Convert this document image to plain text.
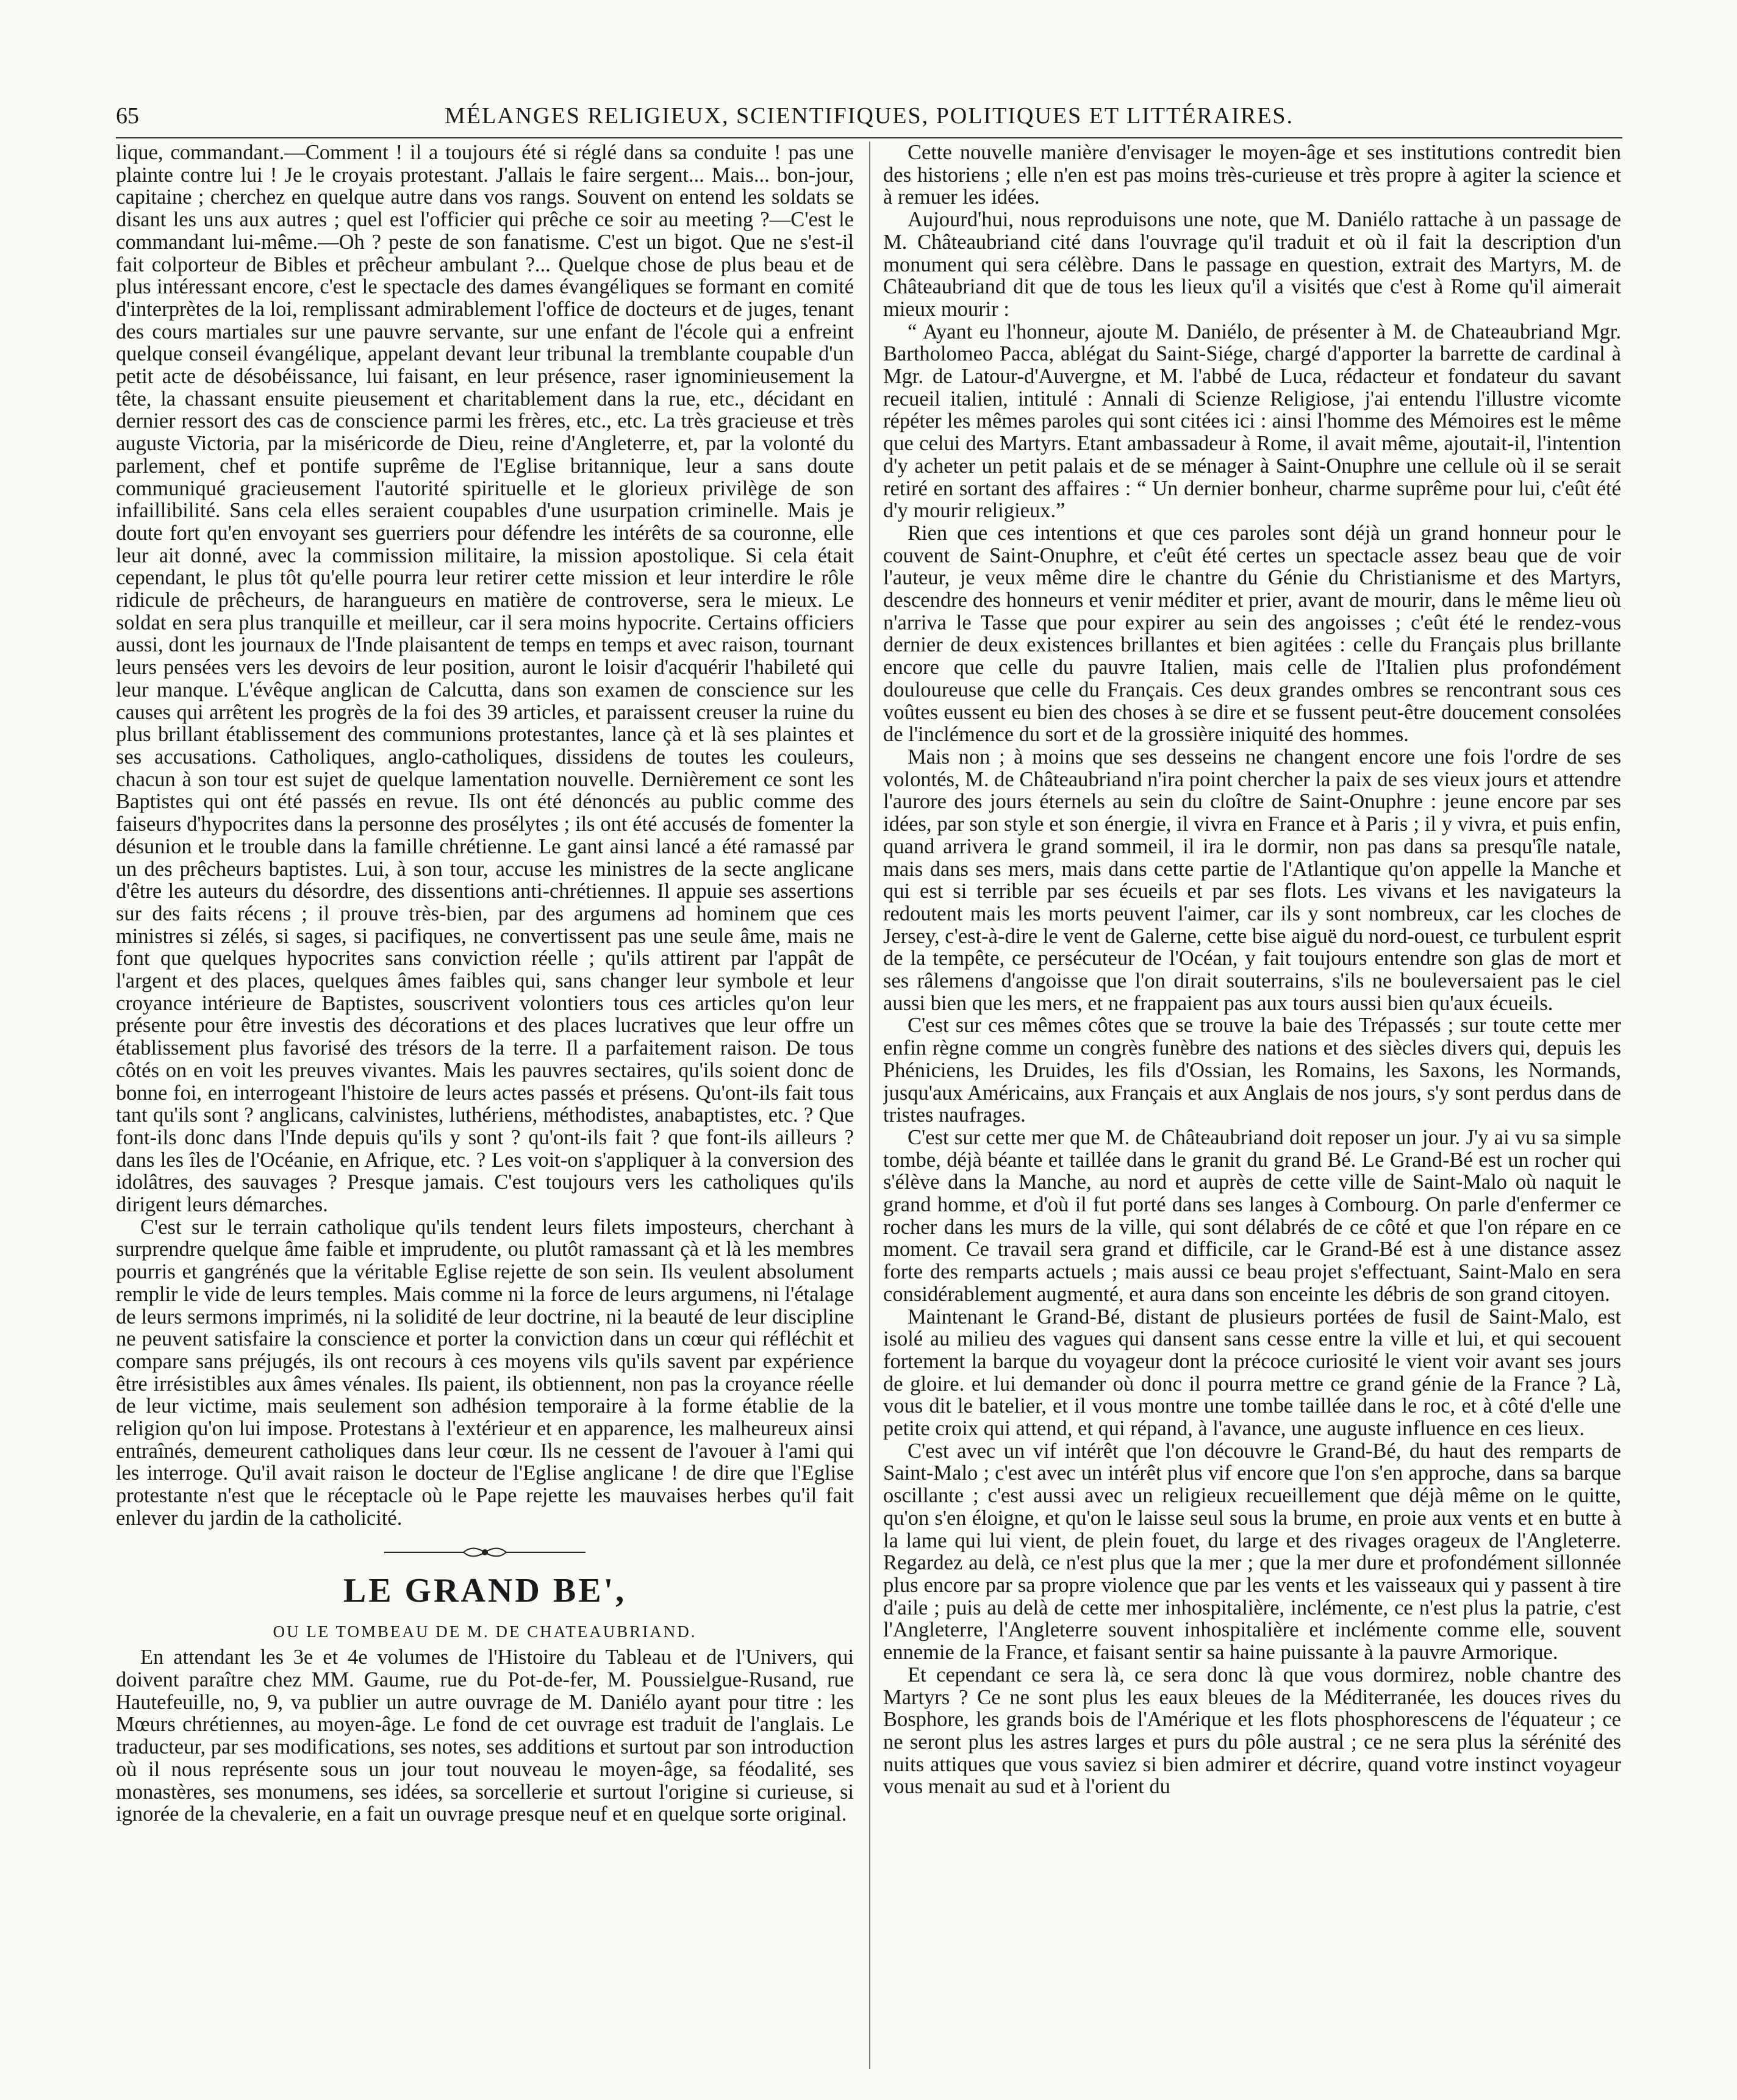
65	MÉLANGES RELIGIEUX, SCIENTIFIQUES, POLITIQUES ET LITTÉRAIRES.

lique, commandant.—Comment ! il a toujours été si réglé dans sa conduite ! pas une plainte contre lui ! Je le croyais protestant. J'allais le faire sergent... Mais... bon-jour, capitaine ; cherchez en quelque autre dans vos rangs. Souvent on entend les soldats se disant les uns aux autres ; quel est l'officier qui prêche ce soir au meeting ?—C'est le commandant lui-même.—Oh ? peste de son fanatisme. C'est un bigot. Que ne s'est-il fait colporteur de Bibles et prêcheur ambulant ?... Quelque chose de plus beau et de plus intéressant encore, c'est le spectacle des dames évangéliques se formant en comité d'interprètes de la loi, remplissant admirablement l'office de docteurs et de juges, tenant des cours martiales sur une pauvre servante, sur une enfant de l'école qui a enfreint quelque conseil évangélique, appelant devant leur tribunal la tremblante coupable d'un petit acte de désobéissance, lui faisant, en leur présence, raser ignominieusement la tête, la chassant ensuite pieusement et charitablement dans la rue, etc., décidant en dernier ressort des cas de conscience parmi les frères, etc., etc. La très gracieuse et très auguste Victoria, par la miséricorde de Dieu, reine d'Angleterre, et, par la volonté du parlement, chef et pontife suprême de l'Eglise britannique, leur a sans doute communiqué gracieusement l'autorité spirituelle et le glorieux privilège de son infaillibilité. Sans cela elles seraient coupables d'une usurpation criminelle. Mais je doute fort qu'en envoyant ses guerriers pour défendre les intérêts de sa couronne, elle leur ait donné, avec la commission militaire, la mission apostolique. Si cela était cependant, le plus tôt qu'elle pourra leur retirer cette mission et leur interdire le rôle ridicule de prêcheurs, de harangueurs en matière de controverse, sera le mieux. Le soldat en sera plus tranquille et meilleur, car il sera moins hypocrite. Certains officiers aussi, dont les journaux de l'Inde plaisantent de temps en temps et avec raison, tournant leurs pensées vers les devoirs de leur position, auront le loisir d'acquérir l'habileté qui leur manque. L'évêque anglican de Calcutta, dans son examen de conscience sur les causes qui arrêtent les progrès de la foi des 39 articles, et paraissent creuser la ruine du plus brillant établissement des communions protestantes, lance çà et là ses plaintes et ses accusations. Catholiques, anglo-catholiques, dissidens de toutes les couleurs, chacun à son tour est sujet de quelque lamentation nouvelle. Dernièrement ce sont les Baptistes qui ont été passés en revue. Ils ont été dénoncés au public comme des faiseurs d'hypocrites dans la personne des prosélytes ; ils ont été accusés de fomenter la désunion et le trouble dans la famille chrétienne. Le gant ainsi lancé a été ramassé par un des prêcheurs baptistes. Lui, à son tour, accuse les ministres de la secte anglicane d'être les auteurs du désordre, des dissentions anti-chrétiennes. Il appuie ses assertions sur des faits récens ; il prouve très-bien, par des argumens ad hominem que ces ministres si zélés, si sages, si pacifiques, ne convertissent pas une seule âme, mais ne font que quelques hypocrites sans conviction réelle ; qu'ils attirent par l'appât de l'argent et des places, quelques âmes faibles qui, sans changer leur symbole et leur croyance intérieure de Baptistes, souscrivent volontiers tous ces articles qu'on leur présente pour être investis des décorations et des places lucratives que leur offre un établissement plus favorisé des trésors de la terre. Il a parfaitement raison. De tous côtés on en voit les preuves vivantes. Mais les pauvres sectaires, qu'ils soient donc de bonne foi, en interrogeant l'histoire de leurs actes passés et présens. Qu'ont-ils fait tous tant qu'ils sont ? anglicans, calvinistes, luthériens, méthodistes, anabaptistes, etc. ? Que font-ils donc dans l'Inde depuis qu'ils y sont ? qu'ont-ils fait ? que font-ils ailleurs ? dans les îles de l'Océanie, en Afrique, etc. ? Les voit-on s'appliquer à la conversion des idolâtres, des sauvages ? Presque jamais. C'est toujours vers les catholiques qu'ils dirigent leurs démarches.

C'est sur le terrain catholique qu'ils tendent leurs filets imposteurs, cherchant à surprendre quelque âme faible et imprudente, ou plutôt ramassant çà et là les membres pourris et gangrénés que la véritable Eglise rejette de son sein. Ils veulent absolument remplir le vide de leurs temples. Mais comme ni la force de leurs argumens, ni l'étalage de leurs sermons imprimés, ni la solidité de leur doctrine, ni la beauté de leur discipline ne peuvent satisfaire la conscience et porter la conviction dans un cœur qui réfléchit et compare sans préjugés, ils ont recours à ces moyens vils qu'ils savent par expérience être irrésistibles aux âmes vénales. Ils paient, ils obtiennent, non pas la croyance réelle de leur victime, mais seulement son adhésion temporaire à la forme établie de la religion qu'on lui impose. Protestans à l'extérieur et en apparence, les malheureux ainsi entraînés, demeurent catholiques dans leur cœur. Ils ne cessent de l'avouer à l'ami qui les interroge. Qu'il avait raison le docteur de l'Eglise anglicane ! de dire que l'Eglise protestante n'est que le réceptacle où le Pape rejette les mauvaises herbes qu'il fait enlever du jardin de la catholicité.

LE GRAND BE',
OU LE TOMBEAU DE M. DE CHATEAUBRIAND.

En attendant les 3e et 4e volumes de l'Histoire du Tableau et de l'Univers, qui doivent paraître chez MM. Gaume, rue du Pot-de-fer, M. Poussielgue-Rusand, rue Hautefeuille, no, 9, va publier un autre ouvrage de M. Daniélo ayant pour titre : les Mœurs chrétiennes, au moyen-âge. Le fond de cet ouvrage est traduit de l'anglais. Le traducteur, par ses modifications, ses notes, ses additions et surtout par son introduction où il nous représente sous un jour tout nouveau le moyen-âge, sa féodalité, ses monastères, ses monumens, ses idées, sa sorcellerie et surtout l'origine si curieuse, si ignorée de la chevalerie, en a fait un ouvrage presque neuf et en quelque sorte original.

Cette nouvelle manière d'envisager le moyen-âge et ses institutions contredit bien des historiens ; elle n'en est pas moins très-curieuse et très propre à agiter la science et à remuer les idées.

Aujourd'hui, nous reproduisons une note, que M. Daniélo rattache à un passage de M. Châteaubriand cité dans l'ouvrage qu'il traduit et où il fait la description d'un monument qui sera célèbre. Dans le passage en question, extrait des Martyrs, M. de Châteaubriand dit que de tous les lieux qu'il a visités que c'est à Rome qu'il aimerait mieux mourir :

“ Ayant eu l'honneur, ajoute M. Daniélo, de présenter à M. de Chateaubriand Mgr. Bartholomeo Pacca, ablégat du Saint-Siége, chargé d'apporter la barrette de cardinal à Mgr. de Latour-d'Auvergne, et M. l'abbé de Luca, rédacteur et fondateur du savant recueil italien, intitulé : Annali di Scienze Religiose, j'ai entendu l'illustre vicomte répéter les mêmes paroles qui sont citées ici : ainsi l'homme des Mémoires est le même que celui des Martyrs. Etant ambassadeur à Rome, il avait même, ajoutait-il, l'intention d'y acheter un petit palais et de se ménager à Saint-Onuphre une cellule où il se serait retiré en sortant des affaires : “ Un dernier bonheur, charme suprême pour lui, c'eût été d'y mourir religieux.”

Rien que ces intentions et que ces paroles sont déjà un grand honneur pour le couvent de Saint-Onuphre, et c'eût été certes un spectacle assez beau que de voir l'auteur, je veux même dire le chantre du Génie du Christianisme et des Martyrs, descendre des honneurs et venir méditer et prier, avant de mourir, dans le même lieu où n'arriva le Tasse que pour expirer au sein des angoisses ; c'eût été le rendez-vous dernier de deux existences brillantes et bien agitées : celle du Français plus brillante encore que celle du pauvre Italien, mais celle de l'Italien plus profondément douloureuse que celle du Français. Ces deux grandes ombres se rencontrant sous ces voûtes eussent eu bien des choses à se dire et se fussent peut-être doucement consolées de l'inclémence du sort et de la grossière iniquité des hommes.

Mais non ; à moins que ses desseins ne changent encore une fois l'ordre de ses volontés, M. de Châteaubriand n'ira point chercher la paix de ses vieux jours et attendre l'aurore des jours éternels au sein du cloître de Saint-Onuphre : jeune encore par ses idées, par son style et son énergie, il vivra en France et à Paris ; il y vivra, et puis enfin, quand arrivera le grand sommeil, il ira le dormir, non pas dans sa presqu'île natale, mais dans ses mers, mais dans cette partie de l'Atlantique qu'on appelle la Manche et qui est si terrible par ses écueils et par ses flots. Les vivans et les navigateurs la redoutent mais les morts peuvent l'aimer, car ils y sont nombreux, car les cloches de Jersey, c'est-à-dire le vent de Galerne, cette bise aiguë du nord-ouest, ce turbulent esprit de la tempête, ce persécuteur de l'Océan, y fait toujours entendre son glas de mort et ses râlemens d'angoisse que l'on dirait souterrains, s'ils ne bouleversaient pas le ciel aussi bien que les mers, et ne frappaient pas aux tours aussi bien qu'aux écueils.

C'est sur ces mêmes côtes que se trouve la baie des Trépassés ; sur toute cette mer enfin règne comme un congrès funèbre des nations et des siècles divers qui, depuis les Phéniciens, les Druides, les fils d'Ossian, les Romains, les Saxons, les Normands, jusqu'aux Américains, aux Français et aux Anglais de nos jours, s'y sont perdus dans de tristes naufrages.

C'est sur cette mer que M. de Châteaubriand doit reposer un jour. J'y ai vu sa simple tombe, déjà béante et taillée dans le granit du grand Bé. Le Grand-Bé est un rocher qui s'élève dans la Manche, au nord et auprès de cette ville de Saint-Malo où naquit le grand homme, et d'où il fut porté dans ses langes à Combourg. On parle d'enfermer ce rocher dans les murs de la ville, qui sont délabrés de ce côté et que l'on répare en ce moment. Ce travail sera grand et difficile, car le Grand-Bé est à une distance assez forte des remparts actuels ; mais aussi ce beau projet s'effectuant, Saint-Malo en sera considérablement augmenté, et aura dans son enceinte les débris de son grand citoyen.

Maintenant le Grand-Bé, distant de plusieurs portées de fusil de Saint-Malo, est isolé au milieu des vagues qui dansent sans cesse entre la ville et lui, et qui secouent fortement la barque du voyageur dont la précoce curiosité le vient voir avant ses jours de gloire. et lui demander où donc il pourra mettre ce grand génie de la France ? Là, vous dit le batelier, et il vous montre une tombe taillée dans le roc, et à côté d'elle une petite croix qui attend, et qui répand, à l'avance, une auguste influence en ces lieux.

C'est avec un vif intérêt que l'on découvre le Grand-Bé, du haut des remparts de Saint-Malo ; c'est avec un intérêt plus vif encore que l'on s'en approche, dans sa barque oscillante ; c'est aussi avec un religieux recueillement que déjà même on le quitte, qu'on s'en éloigne, et qu'on le laisse seul sous la brume, en proie aux vents et en butte à la lame qui lui vient, de plein fouet, du large et des rivages orageux de l'Angleterre. Regardez au delà, ce n'est plus que la mer ; que la mer dure et profondément sillonnée plus encore par sa propre violence que par les vents et les vaisseaux qui y passent à tire d'aile ; puis au delà de cette mer inhospitalière, inclémente, ce n'est plus la patrie, c'est l'Angleterre, l'Angleterre souvent inhospitalière et inclémente comme elle, souvent ennemie de la France, et faisant sentir sa haine puissante à la pauvre Armorique.

Et cependant ce sera là, ce sera donc là que vous dormirez, noble chantre des Martyrs ? Ce ne sont plus les eaux bleues de la Méditerranée, les douces rives du Bosphore, les grands bois de l'Amérique et les flots phosphorescens de l'équateur ; ce ne seront plus les astres larges et purs du pôle austral ; ce ne sera plus la sérénité des nuits attiques que vous saviez si bien admirer et décrire, quand votre instinct voyageur vous menait au sud et à l'orient du
